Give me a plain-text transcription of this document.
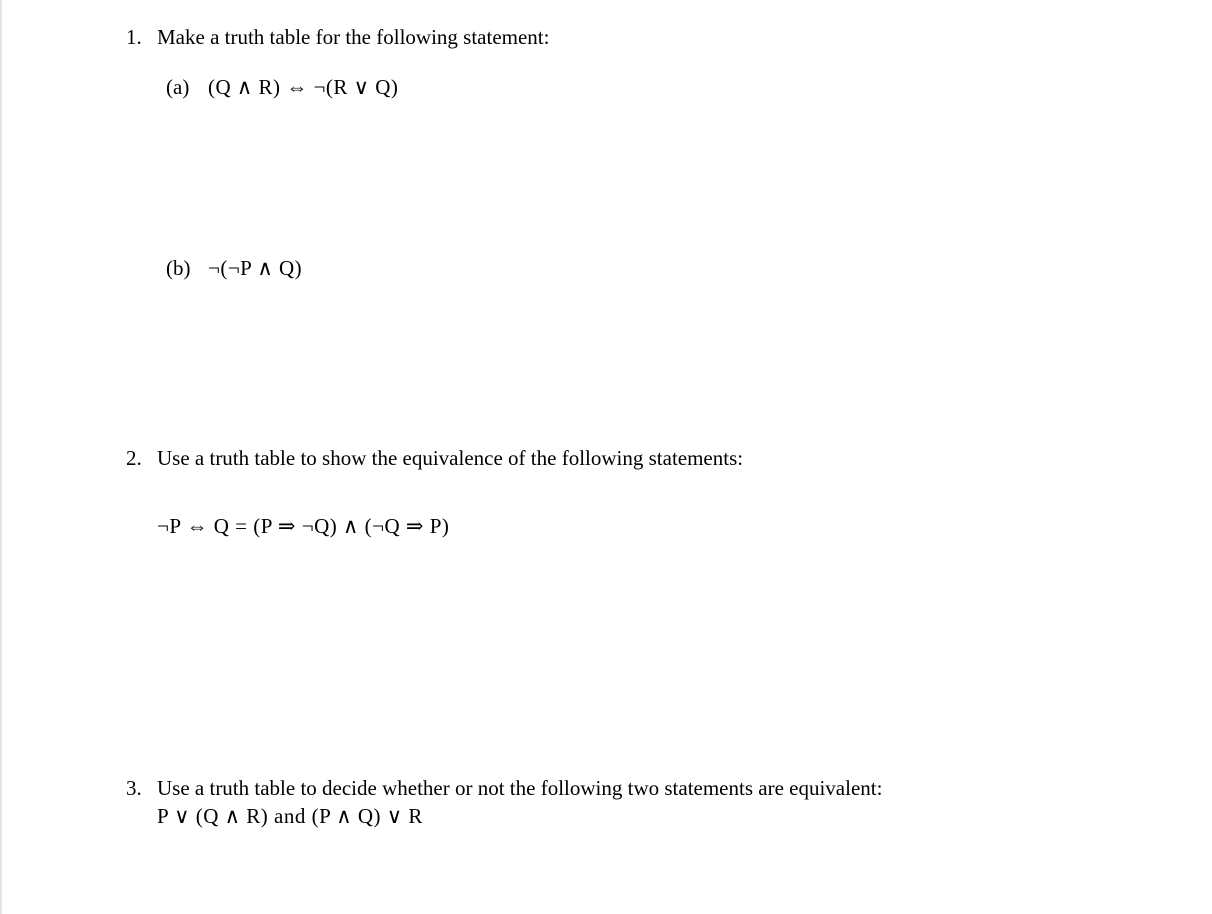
1. Make a truth table for the following statement:
(a) (Q ∧ R) ⇔ ¬(R ∨ Q)
(b) ¬(¬P ∧ Q)
2. Use a truth table to show the equivalence of the following statements:
¬P ⇔ Q = (P ⇒ ¬Q) ∧ (¬Q ⇒ P)
3. Use a truth table to decide whether or not the following two statements are equivalent:
P ∨ (Q ∧ R) and (P ∧ Q) ∨ R
